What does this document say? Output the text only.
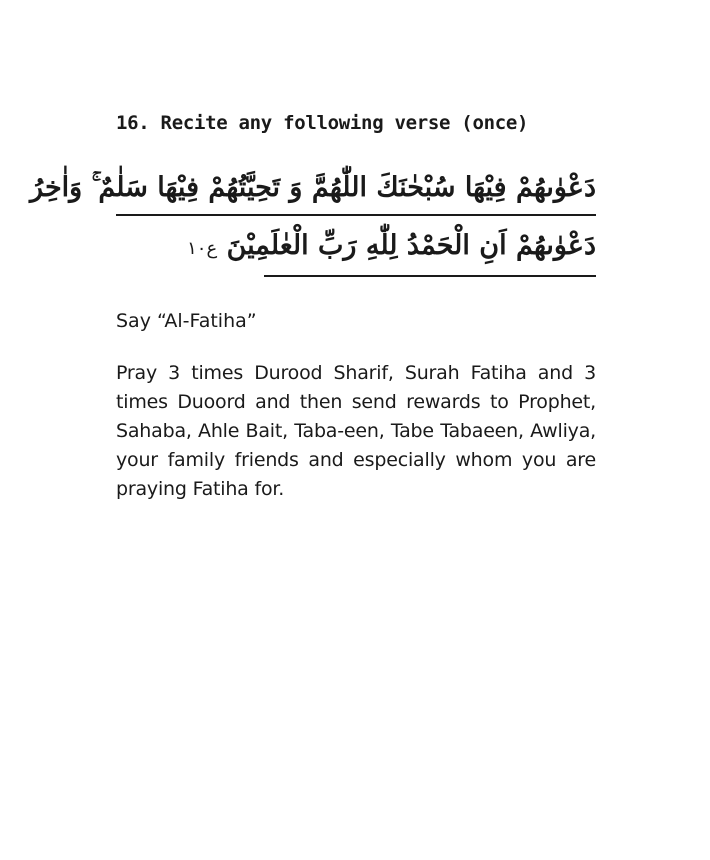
16. Recite any following verse (once)

دَعْوٰىهُمْ فِيْهَا سُبْحٰنَكَ اللّٰهُمَّ وَ تَحِيَّتُهُمْ فِيْهَا سَلٰمٌ ۚ وَاٰخِرُ
دَعْوٰىهُمْ اَنِ الْحَمْدُ لِلّٰهِ رَبِّ الْعٰلَمِيْنَ ع١٠
Say “Al-Fatiha”
Pray 3 times Durood Sharif, Surah Fatiha and 3 times Duoord and then send rewards to Prophet, Sahaba, Ahle Bait, Taba-een, Tabe Tabaeen, Awliya, your family friends and especially whom you are praying Fatiha for.
